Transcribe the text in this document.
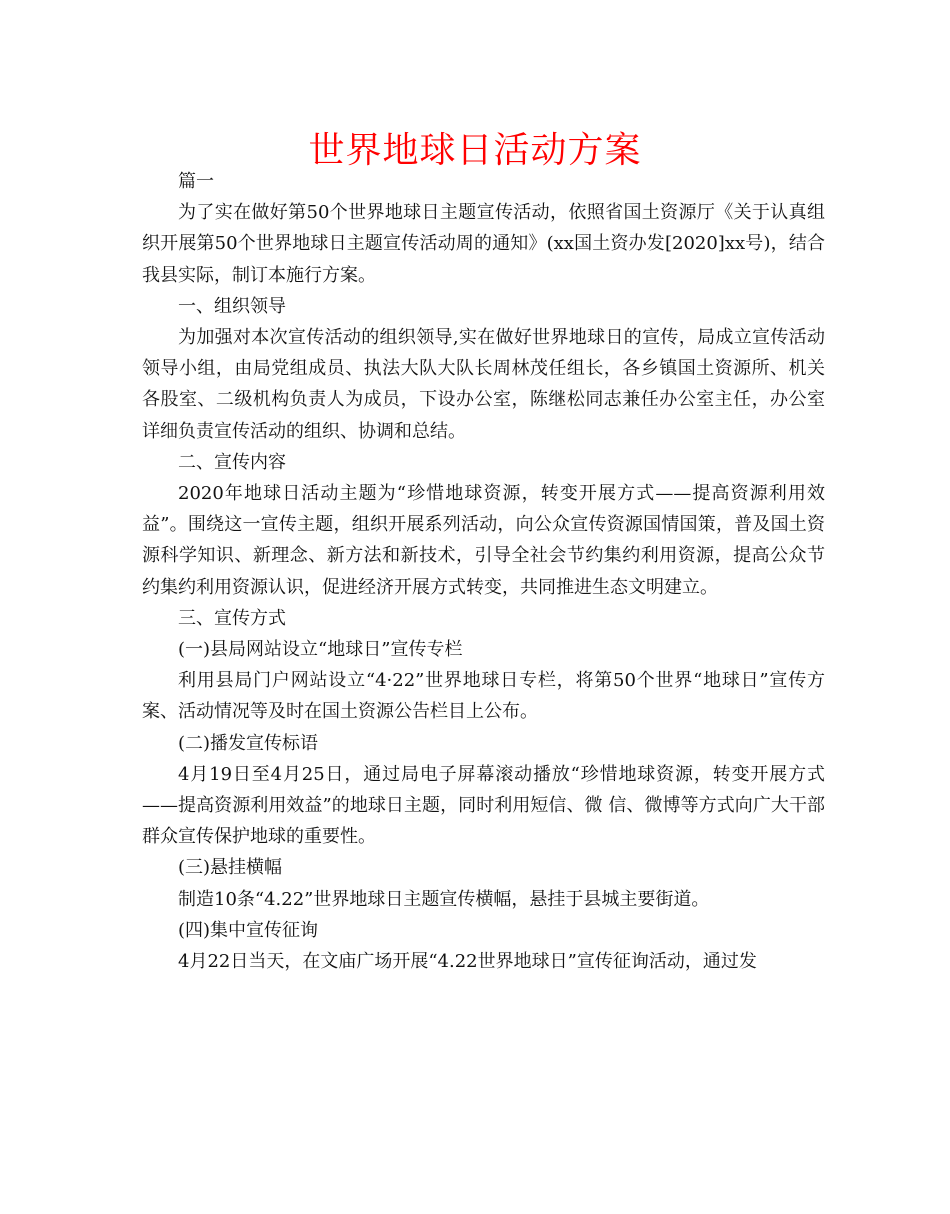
世界地球日活动方案

篇一

为了实在做好第50个世界地球日主题宣传活动，依照省国土资源厅《关于认真组织开展第50个世界地球日主题宣传活动周的通知》(xx国土资办发[2020]xx号)，结合我县实际，制订本施行方案。

一、组织领导

为加强对本次宣传活动的组织领导,实在做好世界地球日的宣传，局成立宣传活动领导小组，由局党组成员、执法大队大队长周林茂任组长，各乡镇国土资源所、机关各股室、二级机构负责人为成员，下设办公室，陈继松同志兼任办公室主任，办公室详细负责宣传活动的组织、协调和总结。

二、宣传内容

2020年地球日活动主题为“珍惜地球资源，转变开展方式——提高资源利用效益”。围绕这一宣传主题，组织开展系列活动，向公众宣传资源国情国策，普及国土资源科学知识、新理念、新方法和新技术，引导全社会节约集约利用资源，提高公众节约集约利用资源认识，促进经济开展方式转变，共同推进生态文明建立。

三、宣传方式

(一)县局网站设立“地球日”宣传专栏

利用县局门户网站设立“4·22”世界地球日专栏，将第50个世界“地球日”宣传方案、活动情况等及时在国土资源公告栏目上公布。

(二)播发宣传标语

4月19日至4月25日，通过局电子屏幕滚动播放“珍惜地球资源，转变开展方式——提高资源利用效益”的地球日主题，同时利用短信、微 信、微博等方式向广大干部群众宣传保护地球的重要性。

(三)悬挂横幅

制造10条“4.22”世界地球日主题宣传横幅，悬挂于县城主要街道。

(四)集中宣传征询

4月22日当天，在文庙广场开展“4.22世界地球日”宣传征询活动，通过发
